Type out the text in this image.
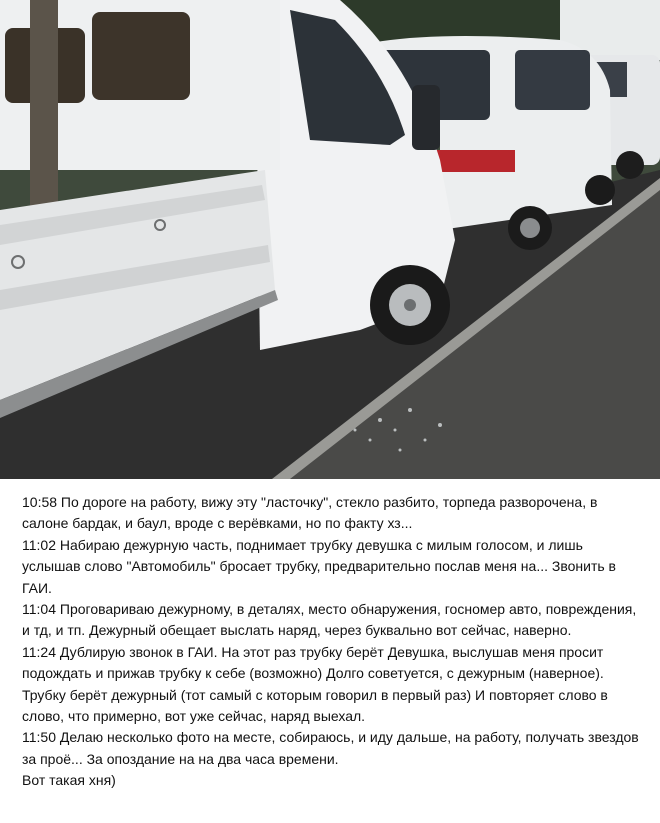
10:58 По дороге на работу, вижу эту "ласточку", стекло разбито, торпеда разворочена, в салоне бардак, и баул, вроде с верёвками, но по факту хз...

11:02 Набираю дежурную часть, поднимает трубку девушка с милым голосом, и лишь услышав слово "Автомобиль" бросает трубку, предварительно послав меня на... Звонить в ГАИ.

11:04 Проговариваю дежурному, в деталях, место обнаружения, госномер авто, повреждения, и тд, и тп. Дежурный обещает выслать наряд, через буквально вот сейчас, наверно.

11:24 Дублирую звонок в ГАИ. На этот раз трубку берёт Девушка, выслушав меня просит подождать и прижав трубку к себе (возможно) Долго советуется, с дежурным (наверное). Трубку берёт дежурный (тот самый с которым говорил в первый раз) И повторяет слово в слово, что примерно, вот уже сейчас, наряд выехал.

11:50 Делаю несколько фото на месте, собираюсь, и иду дальше, на работу, получать звездов за проё... За опоздание на на два часа времени.

Вот такая хня)
